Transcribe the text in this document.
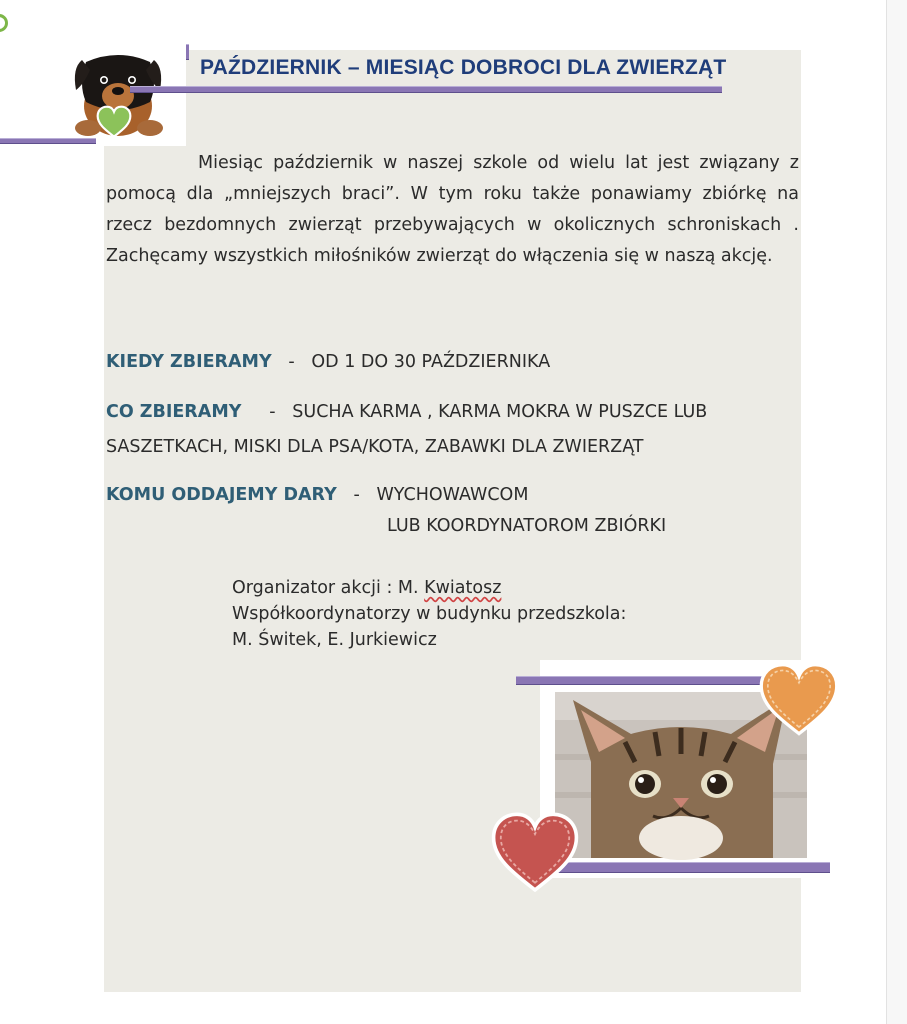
PAŹDZIERNIK – MIESIĄC DOBROCI DLA ZWIERZĄT

Miesiąc październik w naszej szkole od wielu lat jest związany z pomocą dla „mniejszych braci”. W tym roku także ponawiamy zbiórkę na rzecz bezdomnych zwierząt przebywających w okolicznych schroniskach . Zachęcamy wszystkich miłośników zwierząt do włączenia się w naszą akcję.

KIEDY ZBIERAMY   -   OD 1 DO 30 PAŹDZIERNIKA

CO ZBIERAMY     -   SUCHA KARMA , KARMA MOKRA W PUSZCE LUB

SASZETKACH, MISKI DLA PSA/KOTA, ZABAWKI DLA ZWIERZĄT

KOMU ODDAJEMY DARY   -   WYCHOWAWCOM

LUB KOORDYNATOROM ZBIÓRKI

Organizator akcji : M. Kwiatosz
Współkoordynatorzy w budynku przedszkola:
M. Świtek, E. Jurkiewicz
